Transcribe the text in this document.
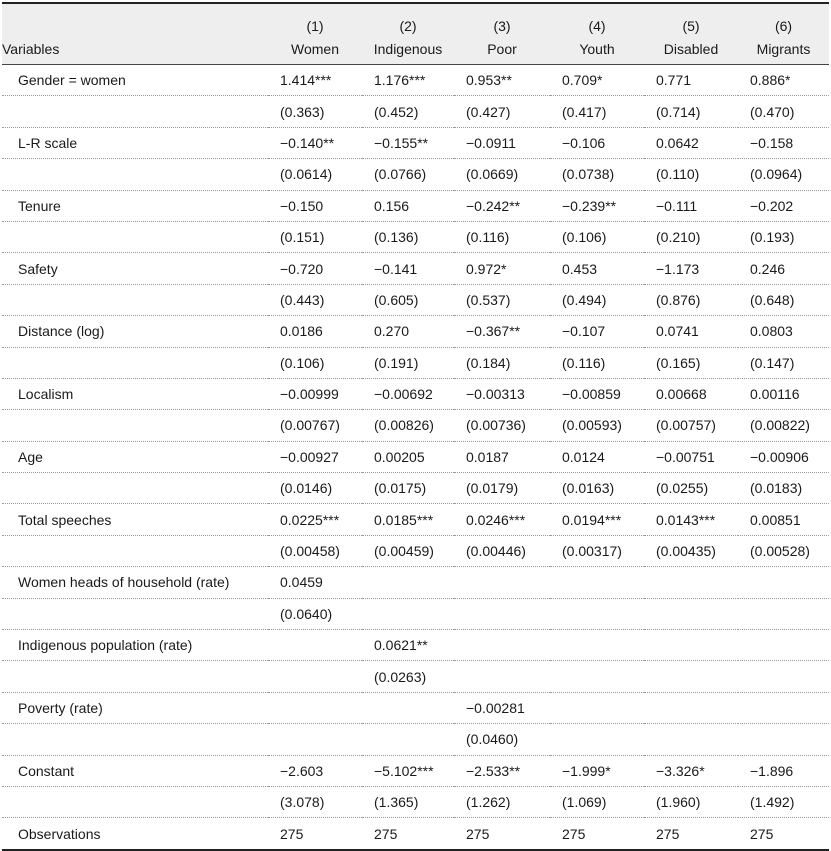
	(1)	(2)	(3)	(4)	(5)	(6)
Variables	Women	Indigenous	Poor	Youth	Disabled	Migrants
Gender = women	1.414***	1.176***	0.953**	0.709*	0.771	0.886*
	(0.363)	(0.452)	(0.427)	(0.417)	(0.714)	(0.470)
L-R scale	−0.140**	−0.155**	−0.0911	−0.106	0.0642	−0.158
	(0.0614)	(0.0766)	(0.0669)	(0.0738)	(0.110)	(0.0964)
Tenure	−0.150	0.156	−0.242**	−0.239**	−0.111	−0.202
	(0.151)	(0.136)	(0.116)	(0.106)	(0.210)	(0.193)
Safety	−0.720	−0.141	0.972*	0.453	−1.173	0.246
	(0.443)	(0.605)	(0.537)	(0.494)	(0.876)	(0.648)
Distance (log)	0.0186	0.270	−0.367**	−0.107	0.0741	0.0803
	(0.106)	(0.191)	(0.184)	(0.116)	(0.165)	(0.147)
Localism	−0.00999	−0.00692	−0.00313	−0.00859	0.00668	0.00116
	(0.00767)	(0.00826)	(0.00736)	(0.00593)	(0.00757)	(0.00822)
Age	−0.00927	0.00205	0.0187	0.0124	−0.00751	−0.00906
	(0.0146)	(0.0175)	(0.0179)	(0.0163)	(0.0255)	(0.0183)
Total speeches	0.0225***	0.0185***	0.0246***	0.0194***	0.0143***	0.00851
	(0.00458)	(0.00459)	(0.00446)	(0.00317)	(0.00435)	(0.00528)
Women heads of household (rate)	0.0459					
	(0.0640)					
Indigenous population (rate)		0.0621**				
		(0.0263)				
Poverty (rate)			−0.00281			
			(0.0460)			
Constant	−2.603	−5.102***	−2.533**	−1.999*	−3.326*	−1.896
	(3.078)	(1.365)	(1.262)	(1.069)	(1.960)	(1.492)
Observations	275	275	275	275	275	275
